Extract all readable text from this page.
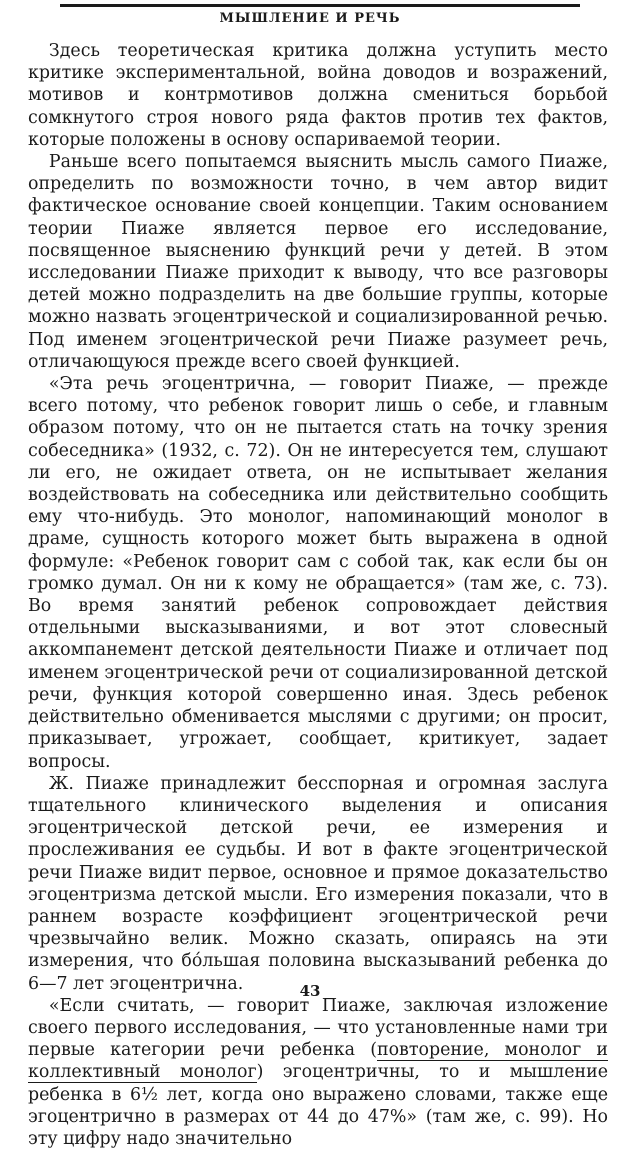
МЫШЛЕНИЕ И РЕЧЬ

Здесь теоретическая критика должна уступить место критике экспериментальной, война доводов и возражений, мотивов и контрмотивов должна смениться борьбой сомкнутого строя нового ряда фактов против тех фактов, которые положены в основу оспариваемой теории.

Раньше всего попытаемся выяснить мысль самого Пиаже, определить по возможности точно, в чем автор видит фактическое основание своей концепции. Таким основанием теории Пиаже является первое его исследование, посвященное выяснению функций речи у детей. В этом исследовании Пиаже приходит к выводу, что все разговоры детей можно подразделить на две большие группы, которые можно назвать эгоцентрической и социализированной речью. Под именем эгоцентрической речи Пиаже разумеет речь, отличающуюся прежде всего своей функцией.

«Эта речь эгоцентрична, — говорит Пиаже, — прежде всего потому, что ребенок говорит лишь о себе, и главным образом потому, что он не пытается стать на точку зрения собеседника» (1932, с. 72). Он не интересуется тем, слушают ли его, не ожидает ответа, он не испытывает желания воздействовать на собеседника или действительно сообщить ему что-нибудь. Это монолог, напоминающий монолог в драме, сущность которого может быть выражена в одной формуле: «Ребенок говорит сам с собой так, как если бы он громко думал. Он ни к кому не обращается» (там же, с. 73). Во время занятий ребенок сопровождает действия отдельными высказываниями, и вот этот словесный аккомпанемент детской деятельности Пиаже и отличает под именем эгоцентрической речи от социализированной детской речи, функция которой совершенно иная. Здесь ребенок действительно обменивается мыслями с другими; он просит, приказывает, угрожает, сообщает, критикует, задает вопросы.

Ж. Пиаже принадлежит бесспорная и огромная заслуга тщательного клинического выделения и описания эгоцентрической детской речи, ее измерения и прослеживания ее судьбы. И вот в факте эгоцентрической речи Пиаже видит первое, основное и прямое доказательство эгоцентризма детской мысли. Его измерения показали, что в раннем возрасте коэффициент эгоцентрической речи чрезвычайно велик. Можно сказать, опираясь на эти измерения, что бо́льшая половина высказываний ребенка до 6—7 лет эгоцентрична.

«Если считать, — говорит Пиаже, заключая изложение своего первого исследования, — что установленные нами три первые категории речи ребенка (повторение, монолог и коллективный монолог) эгоцентричны, то и мышление ребенка в 6½ лет, когда оно выражено словами, также еще эгоцентрично в размерах от 44 до 47%» (там же, с. 99). Но эту цифру надо значительно

43
